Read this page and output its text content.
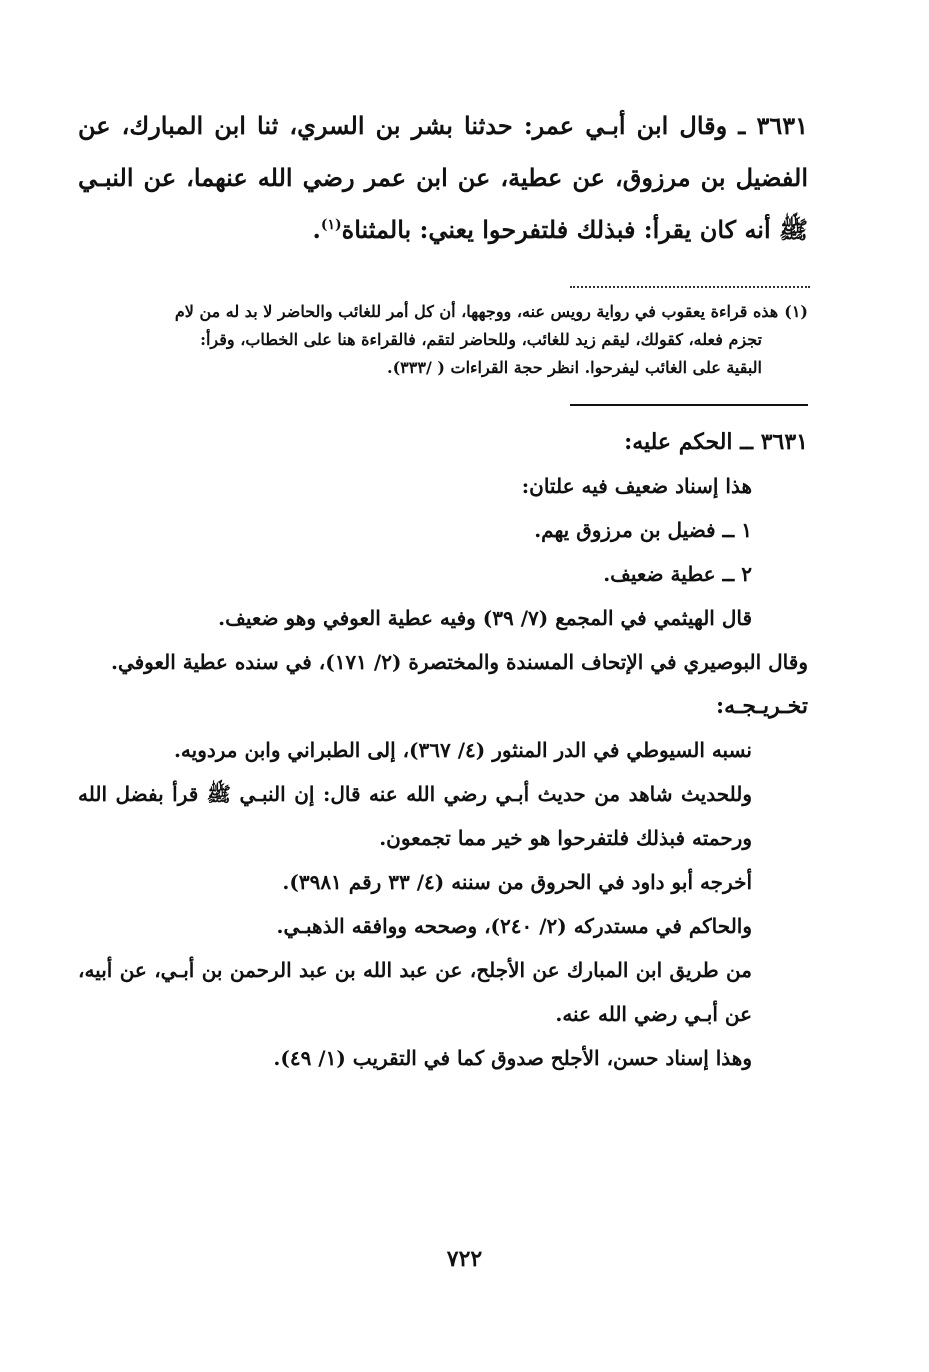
٣٦٣١ ـ وقال ابن أبـي عمر: حدثنا بشر بن السري، ثنا ابن المبارك، عن الفضيل بن مرزوق، عن عطية، عن ابن عمر رضي الله عنهما، عن النبـي ﷺ أنه كان يقرأ: فبذلك فلتفرحوا يعني: بالمثناة$^{(١)}$.

(١)هذه قراءة يعقوب في رواية رويس عنه، ووجهها، أن كل أمر للغائب والحاضر لا بد له من لام

تجزم فعله، كقولك، ليقم زيد للغائب، وللحاضر لتقم، فالقراءة هنا على الخطاب، وقرأ:

البقية على الغائب ليفرحوا. انظر حجة القراءات ( /٣٣٣).

٣٦٣١ ــ الحكم عليه:

هذا إسناد ضعيف فيه علتان:

١ ــ فضيل بن مرزوق يهم.

٢ ــ عطية ضعيف.

قال الهيثمي في المجمع (٧/ ٣٩) وفيه عطية العوفي وهو ضعيف.

وقال البوصيري في الإتحاف المسندة والمختصرة (٢/ ١٧١)، في سنده عطية العوفي.

تخـريـجـه:

نسبه السيوطي في الدر المنثور (٤/ ٣٦٧)، إلى الطبراني وابن مردويه.

وللحديث شاهد من حديث أبـي رضي الله عنه قال: إن النبـي ﷺ قرأ بفضل الله ورحمته فبذلك فلتفرحوا هو خير مما تجمعون.

أخرجه أبو داود في الحروق من سننه (٤/ ٣٣ رقم ٣٩٨١).

والحاكم في مستدركه (٢/ ٢٤٠)، وصححه ووافقه الذهبـي.

من طريق ابن المبارك عن الأجلح، عن عبد الله بن عبد الرحمن بن أبـي، عن أبيه، عن أبـي رضي الله عنه.

وهذا إسناد حسن، الأجلح صدوق كما في التقريب (١/ ٤٩).

٧٢٢
